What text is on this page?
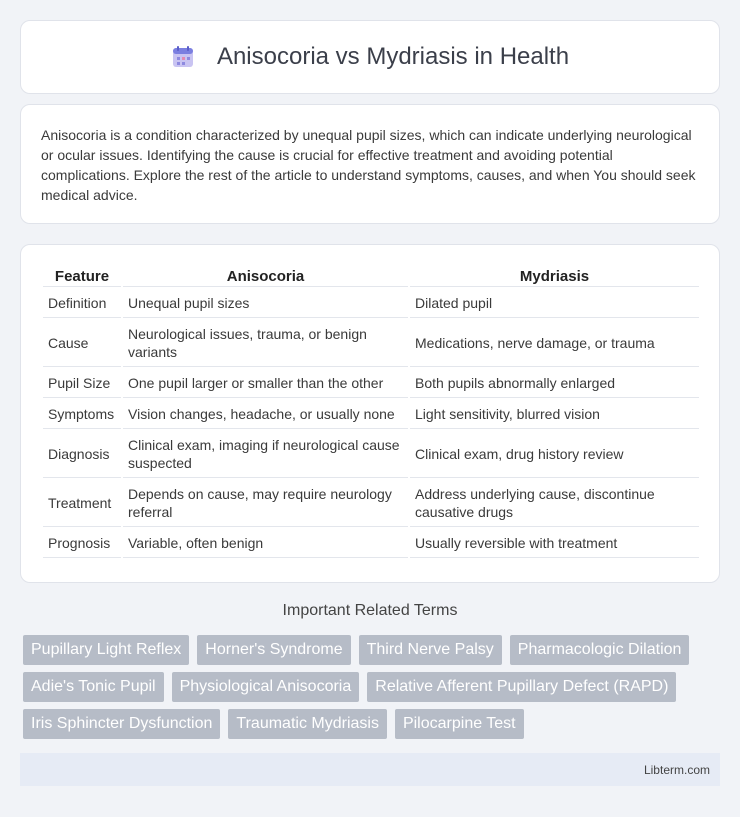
Anisocoria vs Mydriasis in Health

Anisocoria is a condition characterized by unequal pupil sizes, which can indicate underlying neurological or ocular issues. Identifying the cause is crucial for effective treatment and avoiding potential complications. Explore the rest of the article to understand symptoms, causes, and when You should seek medical advice.

Feature	Anisocoria	Mydriasis
Definition	Unequal pupil sizes	Dilated pupil
Cause	Neurological issues, trauma, or benign variants	Medications, nerve damage, or trauma
Pupil Size	One pupil larger or smaller than the other	Both pupils abnormally enlarged
Symptoms	Vision changes, headache, or usually none	Light sensitivity, blurred vision
Diagnosis	Clinical exam, imaging if neurological cause suspected	Clinical exam, drug history review
Treatment	Depends on cause, may require neurology referral	Address underlying cause, discontinue causative drugs
Prognosis	Variable, often benign	Usually reversible with treatment
Important Related Terms
Pupillary Light Reflex	Horner's Syndrome	Third Nerve Palsy	Pharmacologic Dilation
Adie's Tonic Pupil	Physiological Anisocoria	Relative Afferent Pupillary Defect (RAPD)
Iris Sphincter Dysfunction	Traumatic Mydriasis	Pilocarpine Test
Libterm.com
